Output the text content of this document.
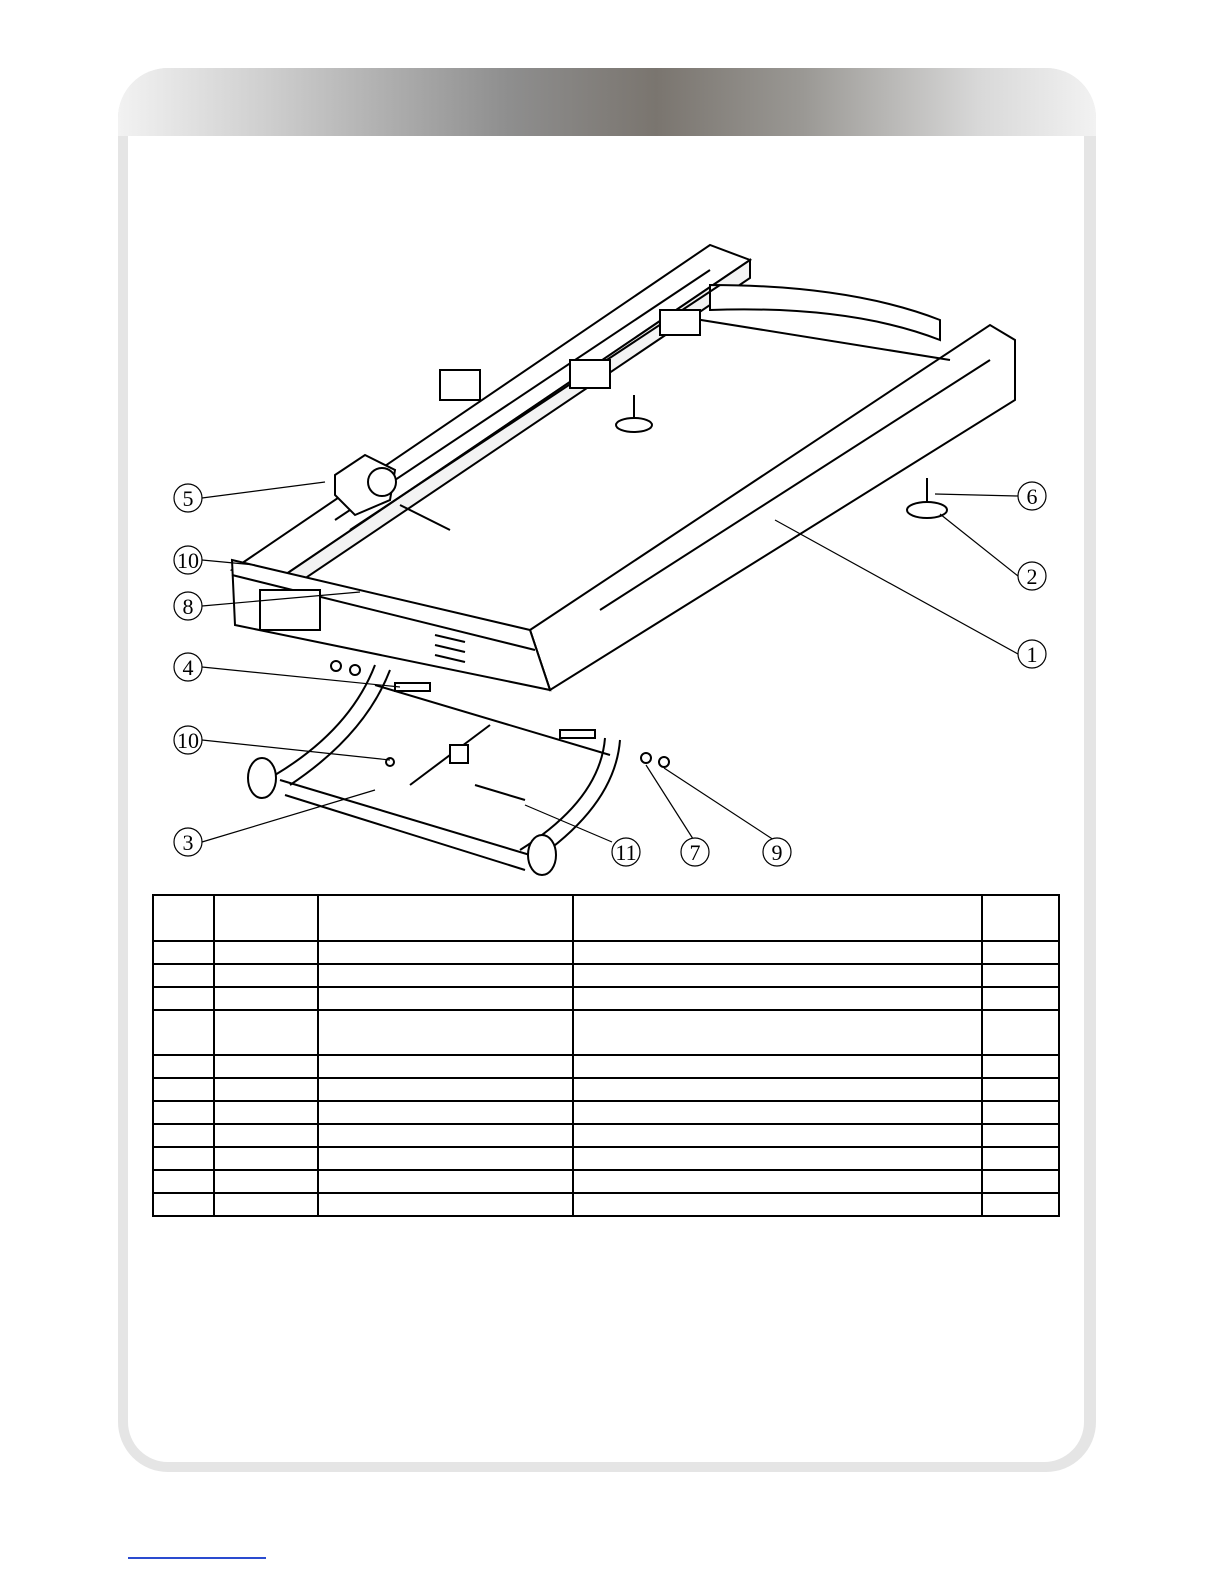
5
10
8
4
10
3	11 7	9
6
2
1
